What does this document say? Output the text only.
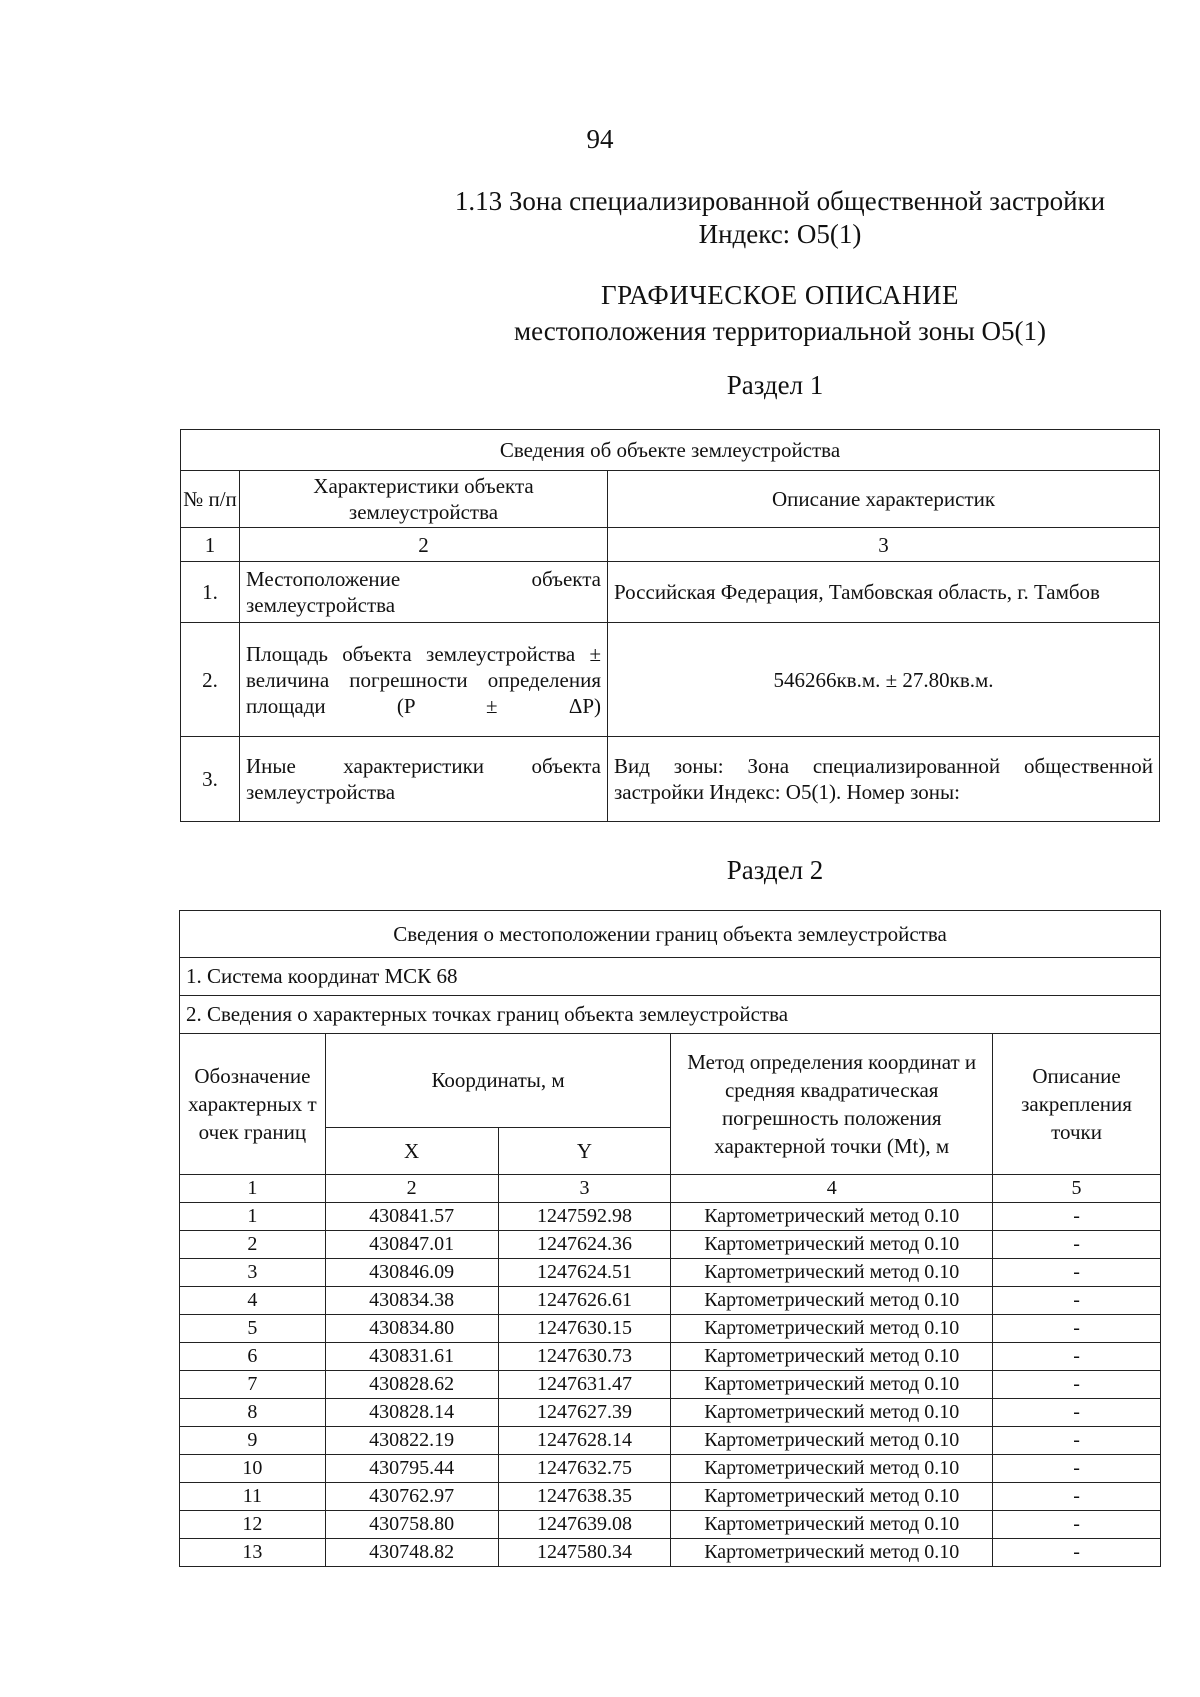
94
1.13 Зона специализированной общественной застройки
Индекс: О5(1)
ГРАФИЧЕСКОЕ ОПИСАНИЕ
местоположения территориальной зоны О5(1)
Раздел 1
Сведения об объекте землеустройства		
№ п/п	Характеристики объекта землеустройства	Описание характеристик
1	2	3
1.	Местоположение объекта землеустройства	Российская Федерация, Тамбовская область, г. Тамбов
2.	Площадь объекта землеустройства ± величина погрешности определения площади (P ± ΔP)	546266кв.м. ± 27.80кв.м.
3.	Иные характеристики объекта землеустройства	Вид зоны: Зона специализированной общественной застройки Индекс: О5(1). Номер зоны:
Раздел 2
Сведения о местоположении границ объекта землеустройства				
1. Система координат МСК 68				
2. Сведения о характерных точках границ объекта землеустройства				
Обозначение характерных точек границ	Координаты, м		Метод определения координат и средняя квадратическая погрешность положения характерной точки (Mt), м	Описание закрепления точки
	X	Y		
1	2	3	4	5
1	430841.57	1247592.98	Картометрический метод 0.10	-
2	430847.01	1247624.36	Картометрический метод 0.10	-
3	430846.09	1247624.51	Картометрический метод 0.10	-
4	430834.38	1247626.61	Картометрический метод 0.10	-
5	430834.80	1247630.15	Картометрический метод 0.10	-
6	430831.61	1247630.73	Картометрический метод 0.10	-
7	430828.62	1247631.47	Картометрический метод 0.10	-
8	430828.14	1247627.39	Картометрический метод 0.10	-
9	430822.19	1247628.14	Картометрический метод 0.10	-
10	430795.44	1247632.75	Картометрический метод 0.10	-
11	430762.97	1247638.35	Картометрический метод 0.10	-
12	430758.80	1247639.08	Картометрический метод 0.10	-
13	430748.82	1247580.34	Картометрический метод 0.10	-
